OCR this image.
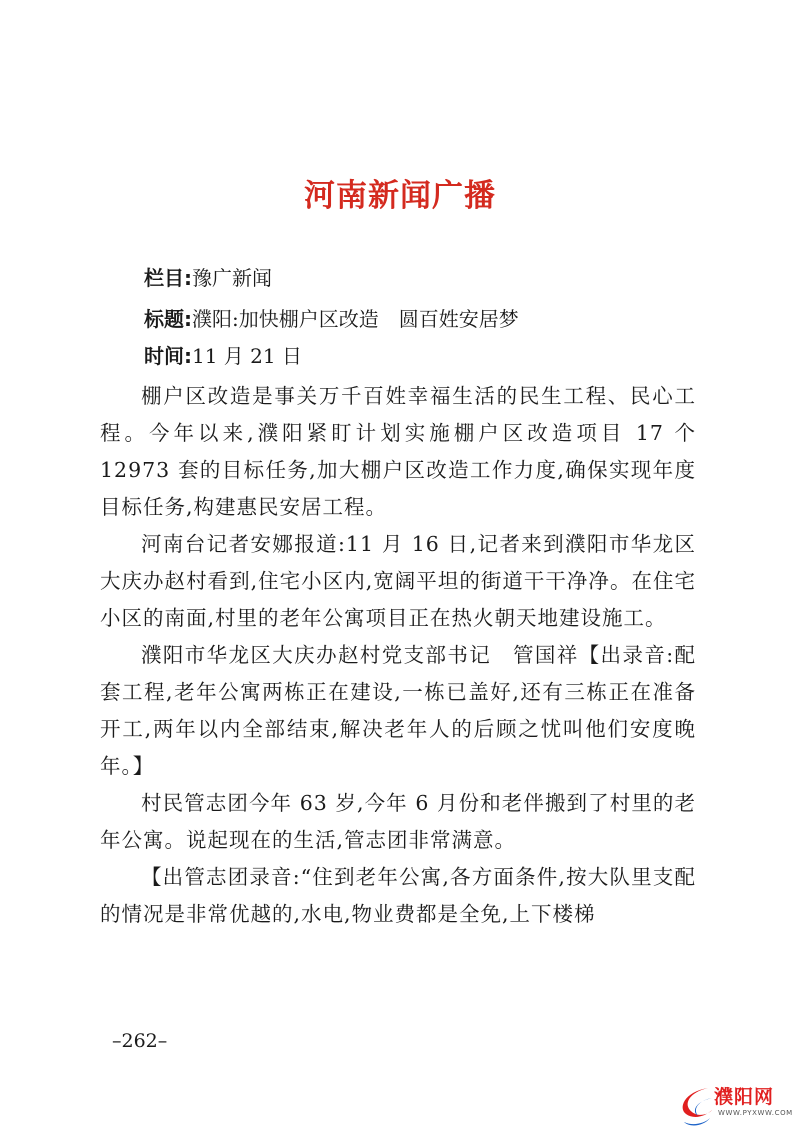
河南新闻广播
栏目:豫广新闻
标题:濮阳:加快棚户区改造　圆百姓安居梦
时间:11 月 21 日

棚户区改造是事关万千百姓幸福生活的民生工程、民心工程。今年以来,濮阳紧盯计划实施棚户区改造项目 17 个 12973 套的目标任务,加大棚户区改造工作力度,确保实现年度目标任务,构建惠民安居工程。

河南台记者安娜报道:11 月 16 日,记者来到濮阳市华龙区大庆办赵村看到,住宅小区内,宽阔平坦的街道干干净净。在住宅小区的南面,村里的老年公寓项目正在热火朝天地建设施工。

濮阳市华龙区大庆办赵村党支部书记　管国祥【出录音:配套工程,老年公寓两栋正在建设,一栋已盖好,还有三栋正在准备开工,两年以内全部结束,解决老年人的后顾之忧叫他们安度晚年。】

村民管志团今年 63 岁,今年 6 月份和老伴搬到了村里的老年公寓。说起现在的生活,管志团非常满意。

【出管志团录音:“住到老年公寓,各方面条件,按大队里支配的情况是非常优越的,水电,物业费都是全免,上下楼梯

–262–
濮阳网
WWW.PYXWW.COM
